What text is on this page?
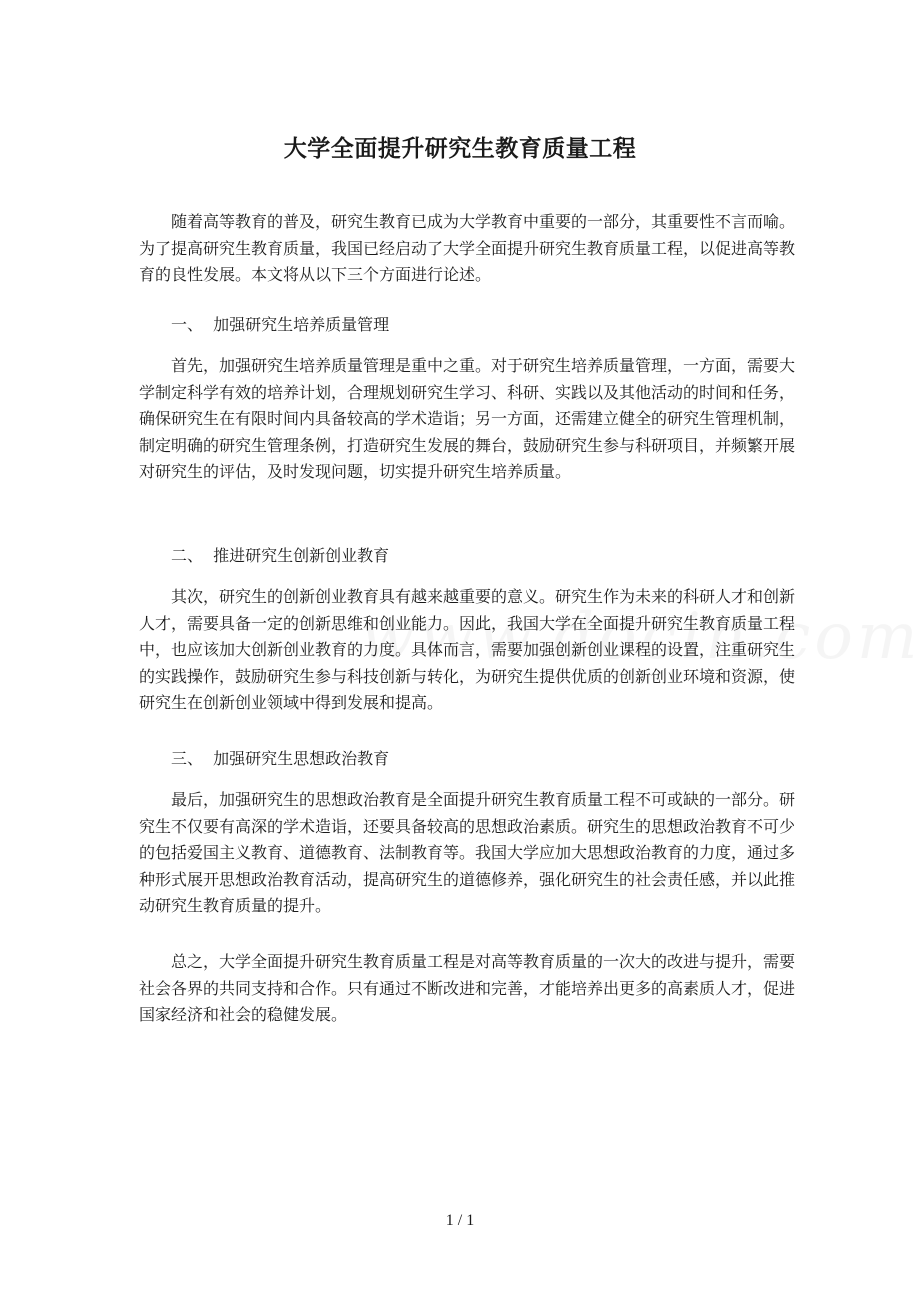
大学全面提升研究生教育质量工程

随着高等教育的普及，研究生教育已成为大学教育中重要的一部分，其重要性不言而喻。为了提高研究生教育质量，我国已经启动了大学全面提升研究生教育质量工程，以促进高等教育的良性发展。本文将从以下三个方面进行论述。

一、  加强研究生培养质量管理

首先，加强研究生培养质量管理是重中之重。对于研究生培养质量管理，一方面，需要大学制定科学有效的培养计划，合理规划研究生学习、科研、实践以及其他活动的时间和任务，确保研究生在有限时间内具备较高的学术造诣；另一方面，还需建立健全的研究生管理机制，制定明确的研究生管理条例，打造研究生发展的舞台，鼓励研究生参与科研项目，并频繁开展对研究生的评估，及时发现问题，切实提升研究生培养质量。

二、  推进研究生创新创业教育

其次，研究生的创新创业教育具有越来越重要的意义。研究生作为未来的科研人才和创新人才，需要具备一定的创新思维和创业能力。因此，我国大学在全面提升研究生教育质量工程中，也应该加大创新创业教育的力度。具体而言，需要加强创新创业课程的设置，注重研究生的实践操作，鼓励研究生参与科技创新与转化，为研究生提供优质的创新创业环境和资源，使研究生在创新创业领域中得到发展和提高。

三、  加强研究生思想政治教育

最后，加强研究生的思想政治教育是全面提升研究生教育质量工程不可或缺的一部分。研究生不仅要有高深的学术造诣，还要具备较高的思想政治素质。研究生的思想政治教育不可少的包括爱国主义教育、道德教育、法制教育等。我国大学应加大思想政治教育的力度，通过多种形式展开思想政治教育活动，提高研究生的道德修养，强化研究生的社会责任感，并以此推动研究生教育质量的提升。

总之，大学全面提升研究生教育质量工程是对高等教育质量的一次大的改进与提升，需要社会各界的共同支持和合作。只有通过不断改进和完善，才能培养出更多的高素质人才，促进国家经济和社会的稳健发展。

1 / 1
